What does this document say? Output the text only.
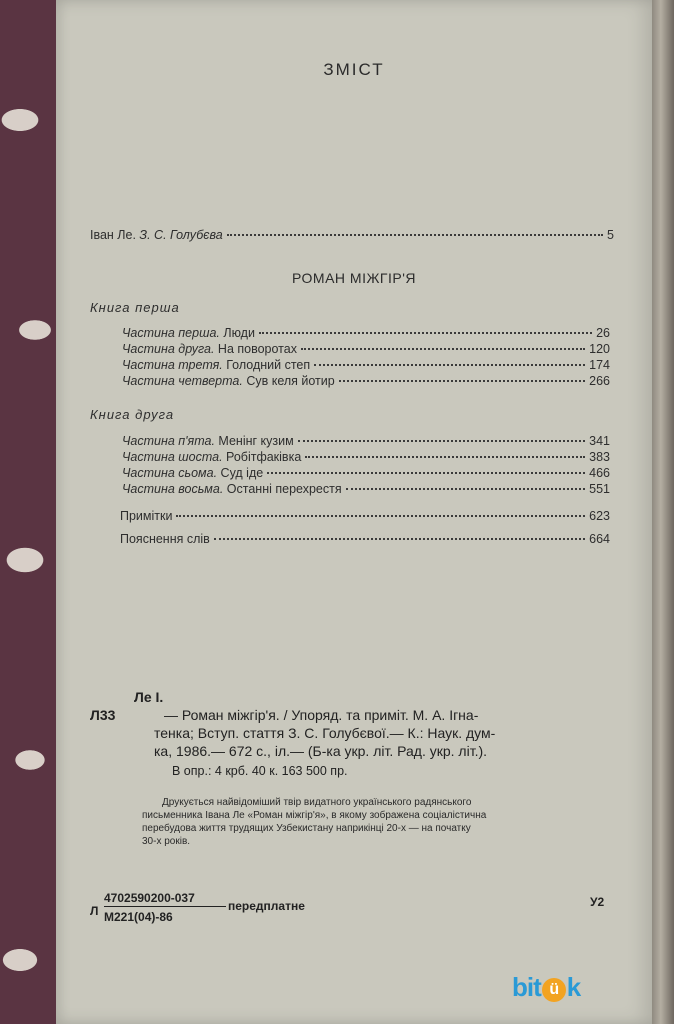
ЗМІСТ
Іван Ле.
З. С. Голубєва	5
РОМАН МІЖГІР'Я
Книга перша
Частина перша.
Люди	26
Частина друга.
На поворотах	120
Частина третя.
Голодний степ	174
Частина четверта.
Сув келя йотир	266
Книга друга
Частина п'ята.
Менінг кузим	341
Частина шоста.
Робітфаківка	383
Частина сьома.
Суд іде	466
Частина восьма.
Останні перехрестя	551
Примітки	623
Пояснення слів	664
Ле І.
Л33	— Роман міжгір'я. / Упоряд. та приміт. М. А. Ігна-
тенка; Вступ. стаття З. С. Голубєвої.— К.: Наук. дум-
ка, 1986.— 672 с., іл.— (Б-ка укр. літ. Рад. укр. літ.).
В опр.: 4 крб. 40 к. 163 500 пр.
Друкується найвідоміший твір видатного українського радянського
письменника Івана Ле «Роман міжгір'я», в якому зображена соціалістична
перебудова життя трудящих Узбекистану наприкінці 20-х — на початку
30-х років.
Л
4702590200-037
M221(04)-86
передплатне	У2
bit ü k
